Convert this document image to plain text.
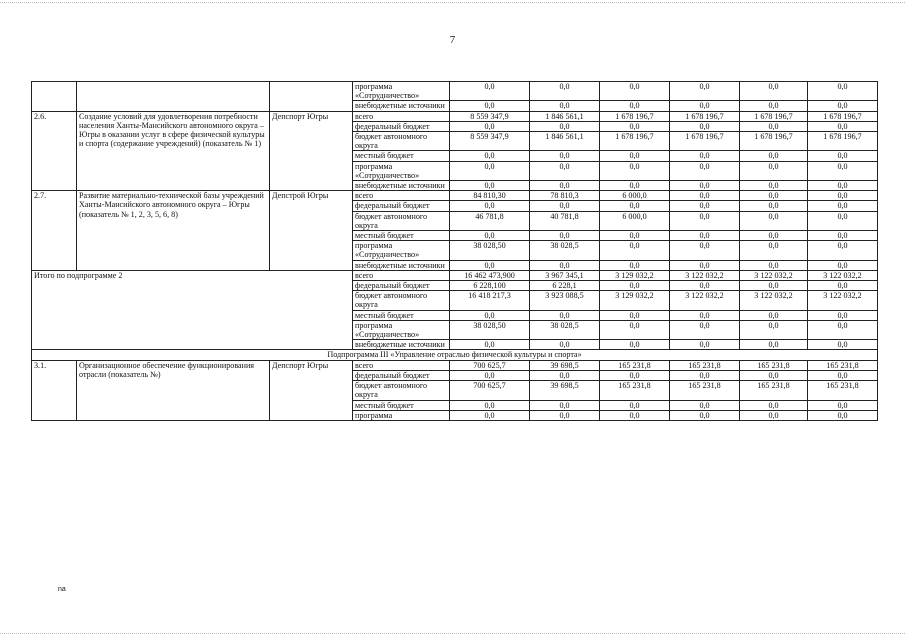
7
			программа «Сотрудничество»	0,0	0,0	0,0	0,0	0,0	0,0
			внебюджетные источники	0,0	0,0	0,0	0,0	0,0	0,0
2.6.	Создание условий для удовлетворения потребности населения Ханты-Мансийского автономного округа – Югры в оказании услуг в сфере физической культуры и спорта (содержание учреждений) (показатель № 1)	Депспорт Югры	всего	8 559 347,9	1 846 561,1	1 678 196,7	1 678 196,7	1 678 196,7	1 678 196,7
			федеральный бюджет	0,0	0,0	0,0	0,0	0,0	0,0
			бюджет автономного округа	8 559 347,9	1 846 561,1	1 678 196,7	1 678 196,7	1 678 196,7	1 678 196,7
			местный бюджет	0,0	0,0	0,0	0,0	0,0	0,0
			программа «Сотрудничество»	0,0	0,0	0,0	0,0	0,0	0,0
			внебюджетные источники	0,0	0,0	0,0	0,0	0,0	0,0
2.7.	Развитие материально-технической базы учреждений Ханты-Мансийского автономного округа – Югры (показатель № 1, 2, 3, 5, 6, 8)	Депстрой Югры	всего	84 810,30	78 810,3	6 000,0	0,0	0,0	0,0
			федеральный бюджет	0,0	0,0	0,0	0,0	0,0	0,0
			бюджет автономного округа	46 781,8	40 781,8	6 000,0	0,0	0,0	0,0
			местный бюджет	0,0	0,0	0,0	0,0	0,0	0,0
			программа «Сотрудничество»	38 028,50	38 028,5	0,0	0,0	0,0	0,0
			внебюджетные источники	0,0	0,0	0,0	0,0	0,0	0,0
Итого по подпрограмме 2			всего	16 462 473,900	3 967 345,1	3 129 032,2	3 122 032,2	3 122 032,2	3 122 032,2
			федеральный бюджет	6 228,100	6 228,1	0,0	0,0	0,0	0,0
			бюджет автономного округа	16 418 217,3	3 923 088,5	3 129 032,2	3 122 032,2	3 122 032,2	3 122 032,2
			местный бюджет	0,0	0,0	0,0	0,0	0,0	0,0
			программа «Сотрудничество»	38 028,50	38 028,5	0,0	0,0	0,0	0,0
			внебюджетные источники	0,0	0,0	0,0	0,0	0,0	0,0
Подпрограмма III «Управление отраслью физической культуры и спорта»									
3.1.	Организационное обеспечение функционирования отрасли (показатель №)	Депспорт Югры	всего	700 625,7	39 698,5	165 231,8	165 231,8	165 231,8	165 231,8
			федеральный бюджет	0,0	0,0	0,0	0,0	0,0	0,0
			бюджет автономного округа	700 625,7	39 698,5	165 231,8	165 231,8	165 231,8	165 231,8
			местный бюджет	0,0	0,0	0,0	0,0	0,0	0,0
			программа	0,0	0,0	0,0	0,0	0,0	0,0
na
